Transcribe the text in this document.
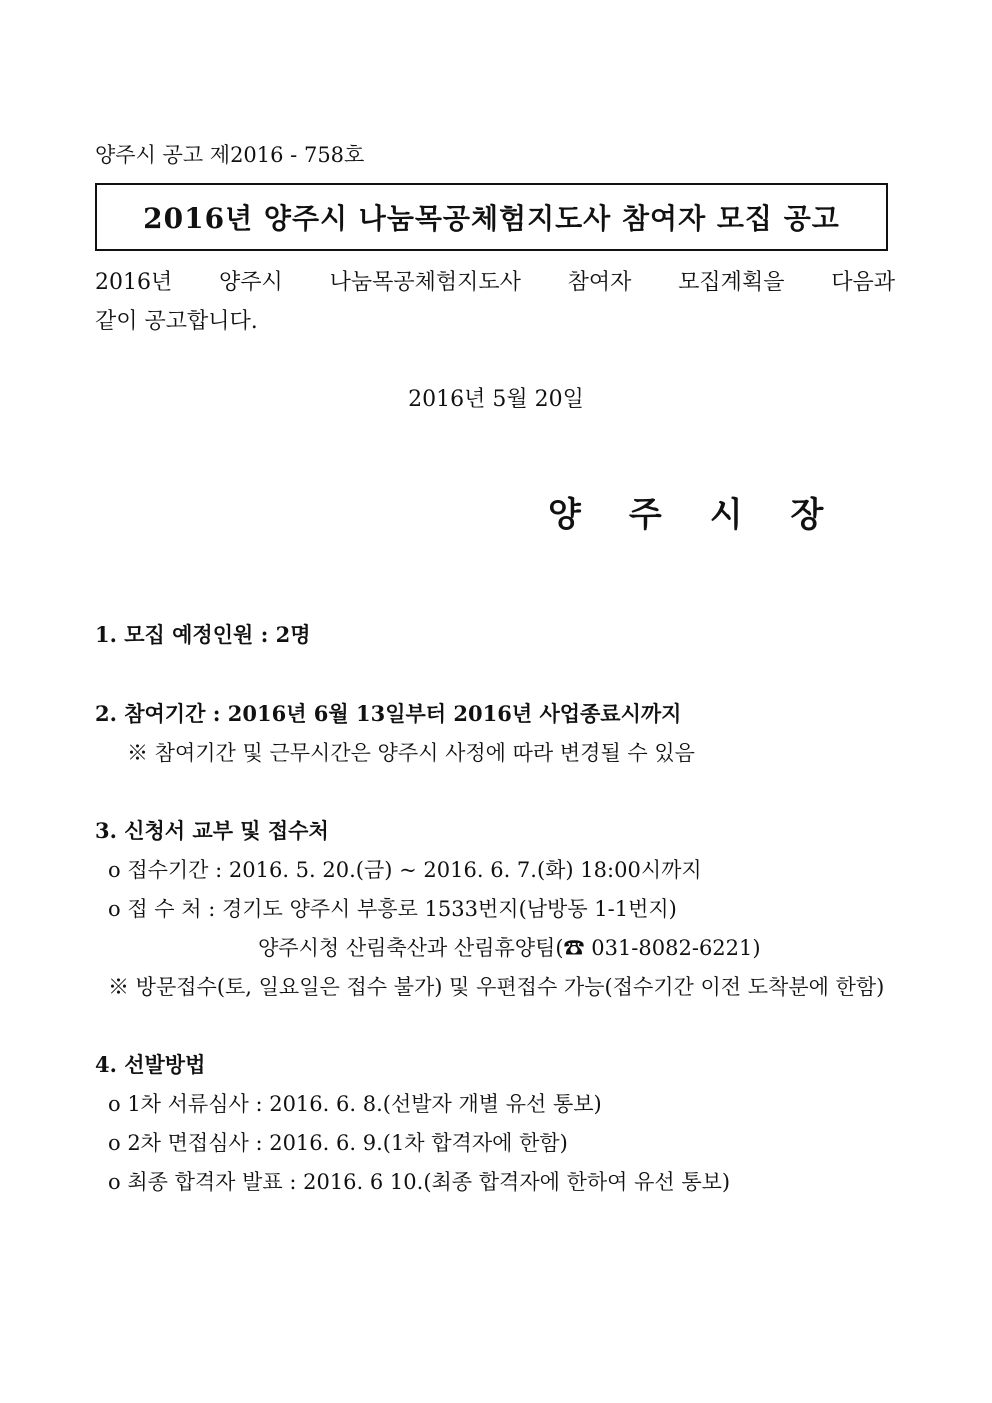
양주시 공고 제2016 - 758호
2016년 양주시 나눔목공체험지도사 참여자 모집 공고
2016년 양주시 나눔목공체험지도사 참여자 모집계획을 다음과
같이 공고합니다.
2016년 5월 20일
양주시장
1. 모집 예정인원 : 2명
2. 참여기간 : 2016년 6월 13일부터 2016년 사업종료시까지
※ 참여기간 및 근무시간은 양주시 사정에 따라 변경될 수 있음
3. 신청서 교부 및 접수처
o 접수기간 : 2016. 5. 20.(금) ~ 2016. 6. 7.(화) 18:00시까지
o 접 수 처 : 경기도 양주시 부흥로 1533번지(남방동 1-1번지)
양주시청 산림축산과 산림휴양팀(☎ 031-8082-6221)
※ 방문접수(토, 일요일은 접수 불가) 및 우편접수 가능(접수기간 이전 도착분에 한함)
4. 선발방법
o 1차 서류심사 : 2016. 6. 8.(선발자 개별 유선 통보)
o 2차 면접심사 : 2016. 6. 9.(1차 합격자에 한함)
o 최종 합격자 발표 : 2016. 6 10.(최종 합격자에 한하여 유선 통보)
